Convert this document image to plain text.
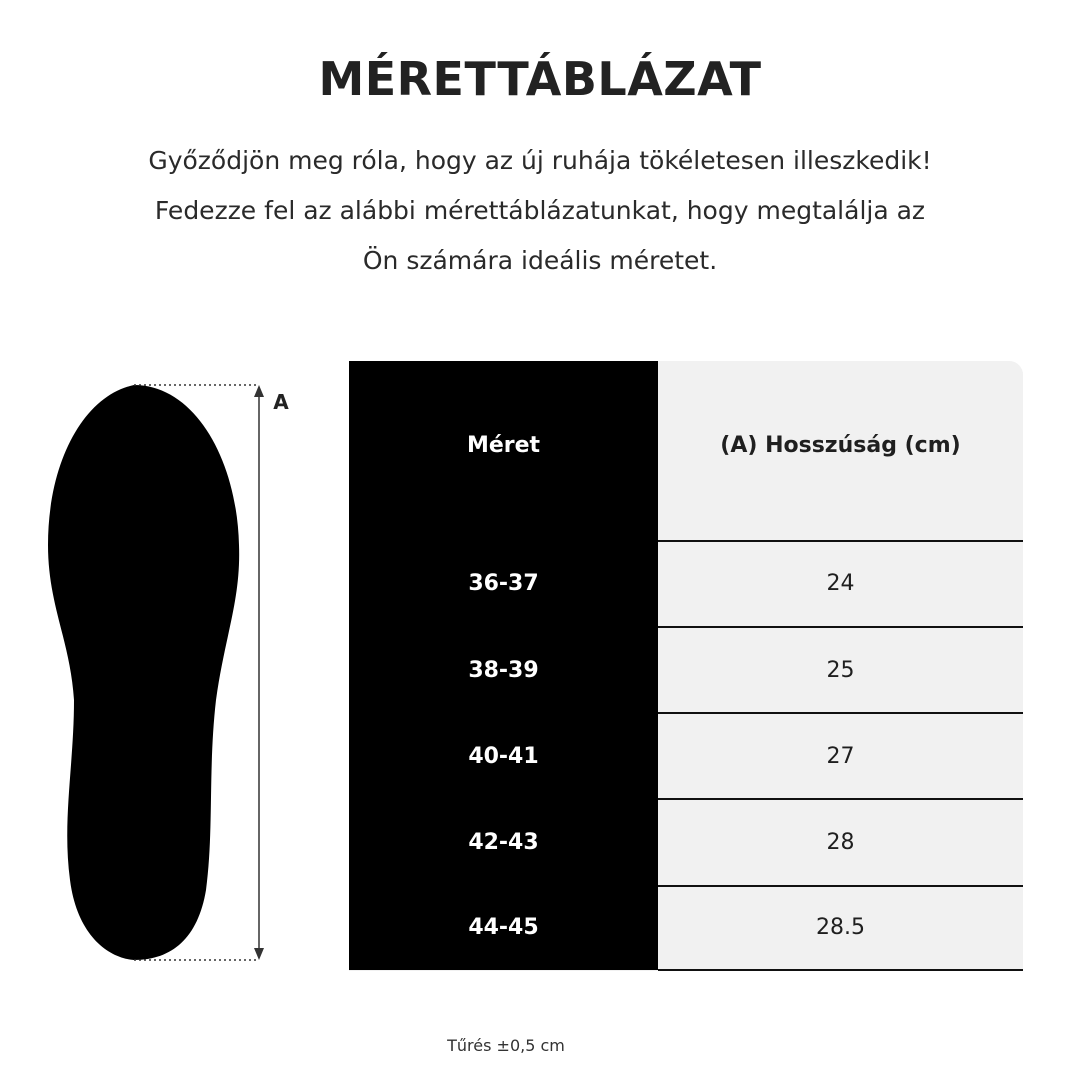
MÉRETTÁBLÁZAT

Győződjön meg róla, hogy az új ruhája tökéletesen illeszkedik! Fedezze fel az alábbi mérettáblázatunkat, hogy megtalálja az Ön számára ideális méretet.

A
Méret	(A) Hosszúság (cm)
36-37	24
38-39	25
40-41	27
42-43	28
44-45	28.5

Tűrés ±0,5 cm
